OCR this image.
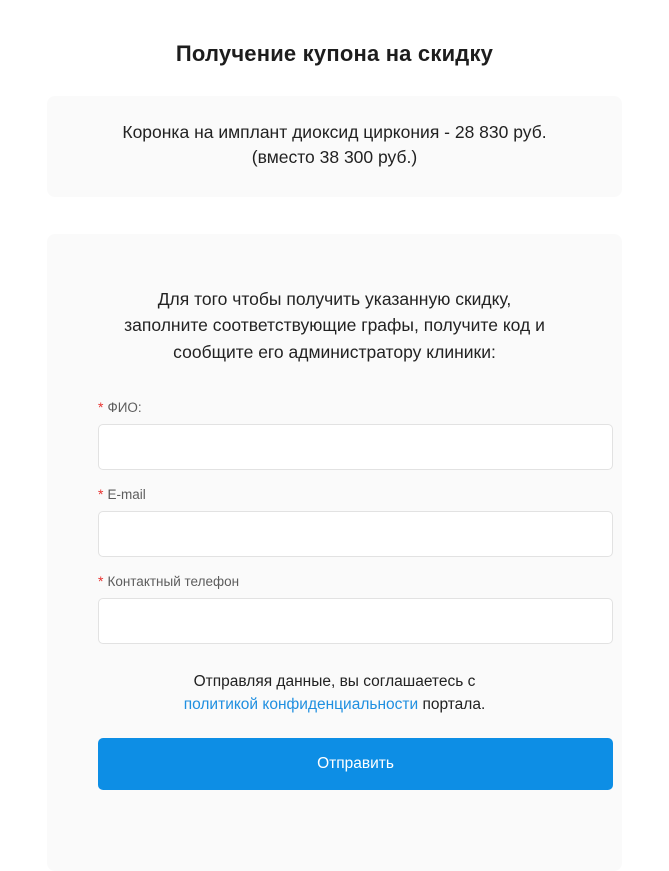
Получение купона на скидку
Коронка на имплант диоксид циркония - 28 830 руб.
(вместо 38 300 руб.)

Для того чтобы получить указанную скидку,
заполните соответствующие графы, получите код и
сообщите его администратору клиники:

* ФИО:
* E-mail
* Контактный телефон

Отправляя данные, вы соглашаетесь с
политикой конфиденциальности портала.

Отправить
